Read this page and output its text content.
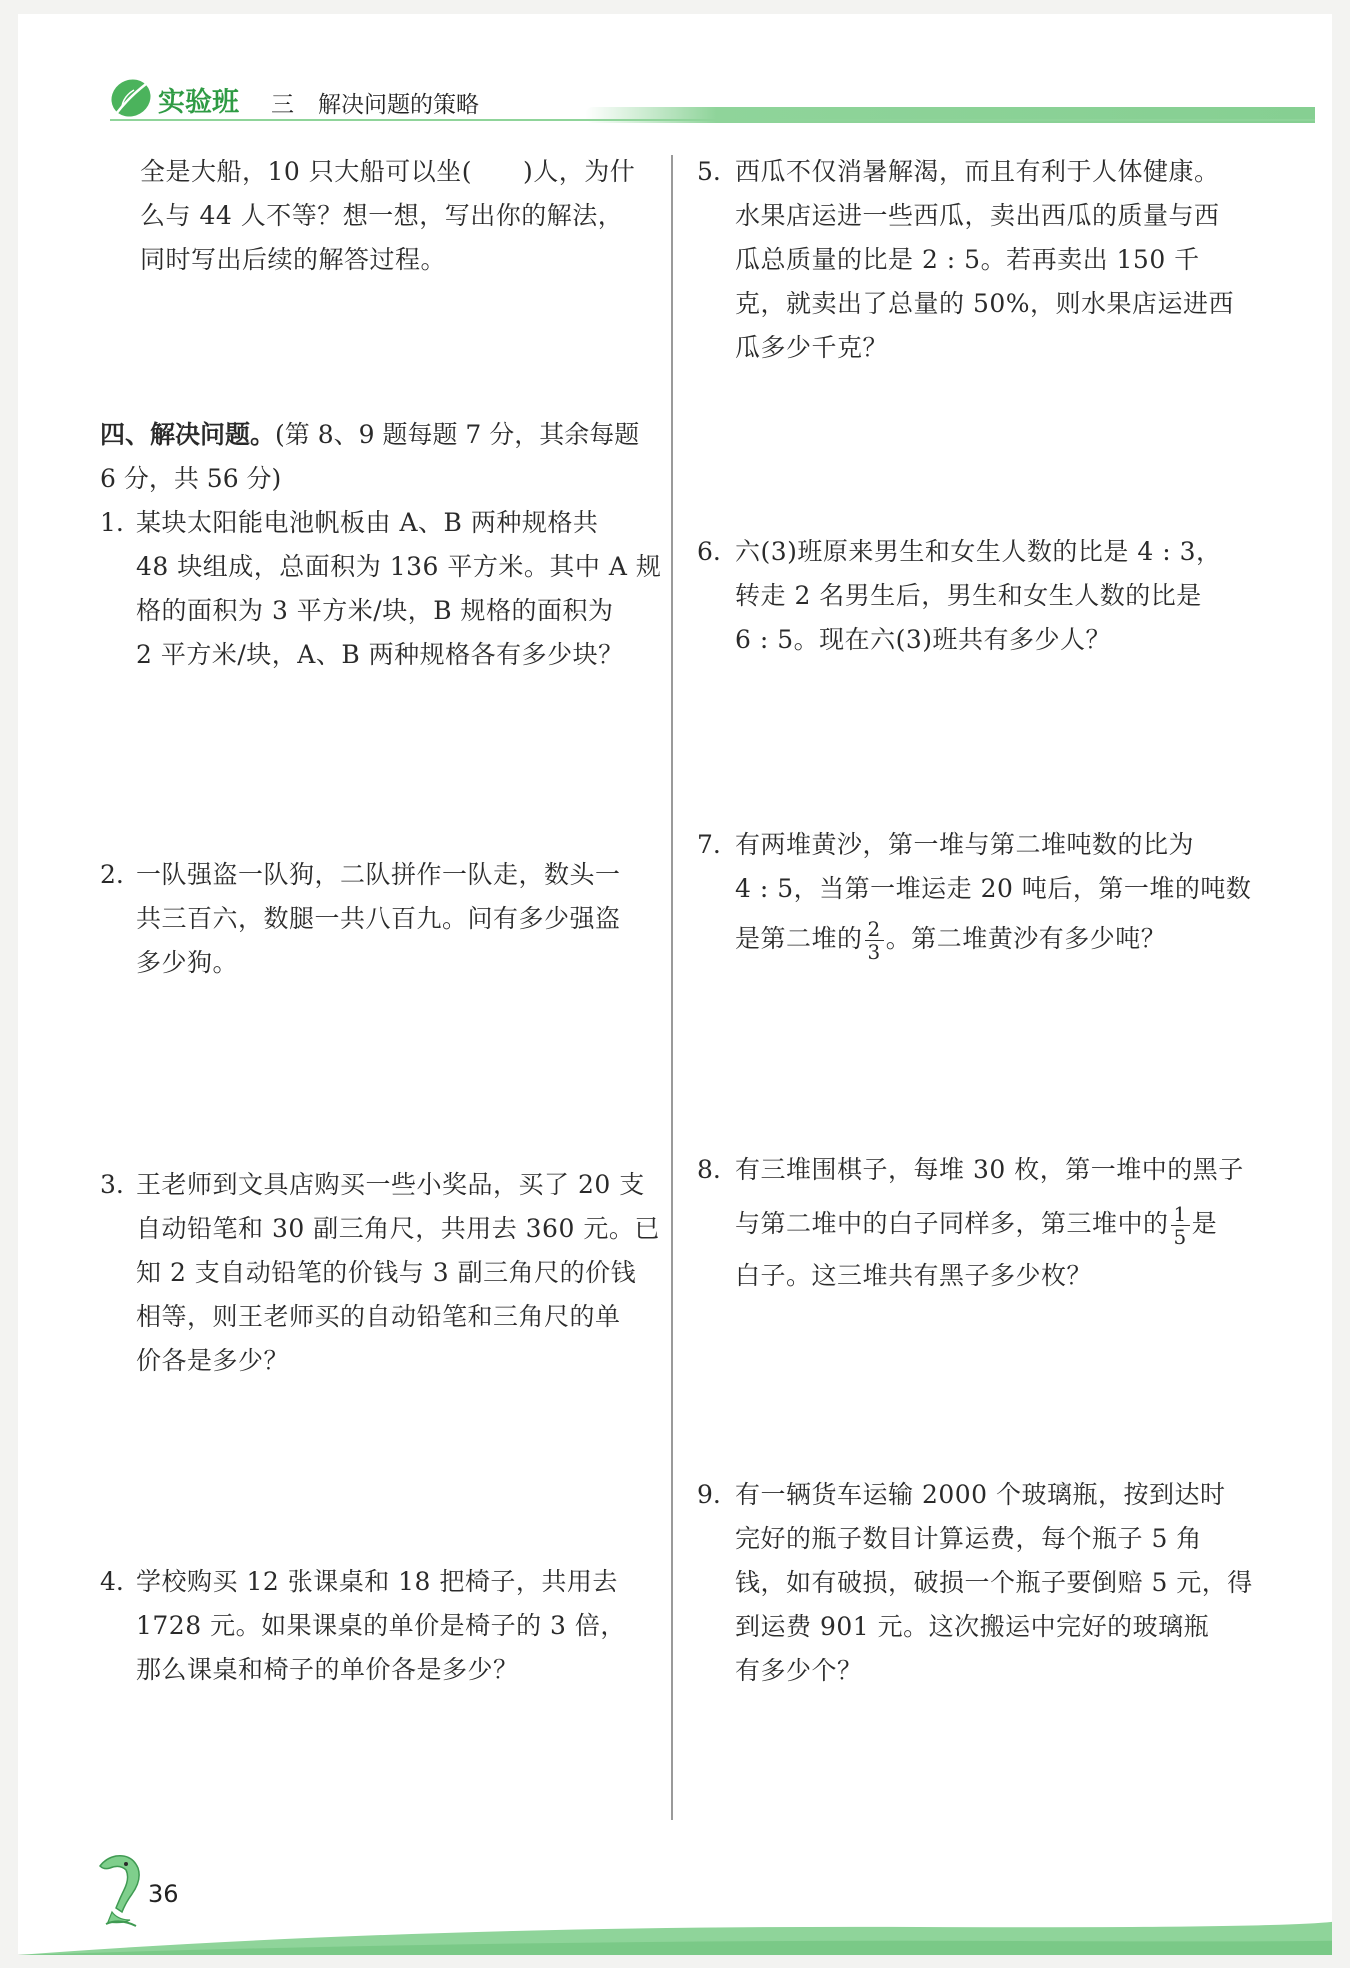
实验班 三 解决问题的策略
全是大船，10 只大船可以坐(　　)人，为什
么与 44 人不等？想一想，写出你的解法，
同时写出后续的解答过程。
四、解决问题。(第 8、9 题每题 7 分，其余每题
6 分，共 56 分)
1. 某块太阳能电池帆板由 A、B 两种规格共
48 块组成，总面积为 136 平方米。其中 A 规
格的面积为 3 平方米/块，B 规格的面积为
2 平方米/块，A、B 两种规格各有多少块？
2. 一队强盗一队狗，二队拼作一队走，数头一
共三百六，数腿一共八百九。问有多少强盗
多少狗。
3. 王老师到文具店购买一些小奖品，买了 20 支
自动铅笔和 30 副三角尺，共用去 360 元。已
知 2 支自动铅笔的价钱与 3 副三角尺的价钱
相等，则王老师买的自动铅笔和三角尺的单
价各是多少？
4. 学校购买 12 张课桌和 18 把椅子，共用去
1728 元。如果课桌的单价是椅子的 3 倍，
那么课桌和椅子的单价各是多少？
5. 西瓜不仅消暑解渴，而且有利于人体健康。
水果店运进一些西瓜，卖出西瓜的质量与西
瓜总质量的比是 2 : 5。若再卖出 150 千
克，就卖出了总量的 50%，则水果店运进西
瓜多少千克？
6. 六(3)班原来男生和女生人数的比是 4 : 3，
转走 2 名男生后，男生和女生人数的比是
6 : 5。现在六(3)班共有多少人？
7. 有两堆黄沙，第一堆与第二堆吨数的比为
4 : 5，当第一堆运走 20 吨后，第一堆的吨数
是第二堆的 $\frac{2}{3}$ 。第二堆黄沙有多少吨？
8. 有三堆围棋子，每堆 30 枚，第一堆中的黑子
与第二堆中的白子同样多，第三堆中的 $\frac{1}{5}$ 是
白子。这三堆共有黑子多少枚？
9. 有一辆货车运输 2000 个玻璃瓶，按到达时
完好的瓶子数目计算运费，每个瓶子 5 角
钱，如有破损，破损一个瓶子要倒赔 5 元，得
到运费 901 元。这次搬运中完好的玻璃瓶
有多少个？
36
